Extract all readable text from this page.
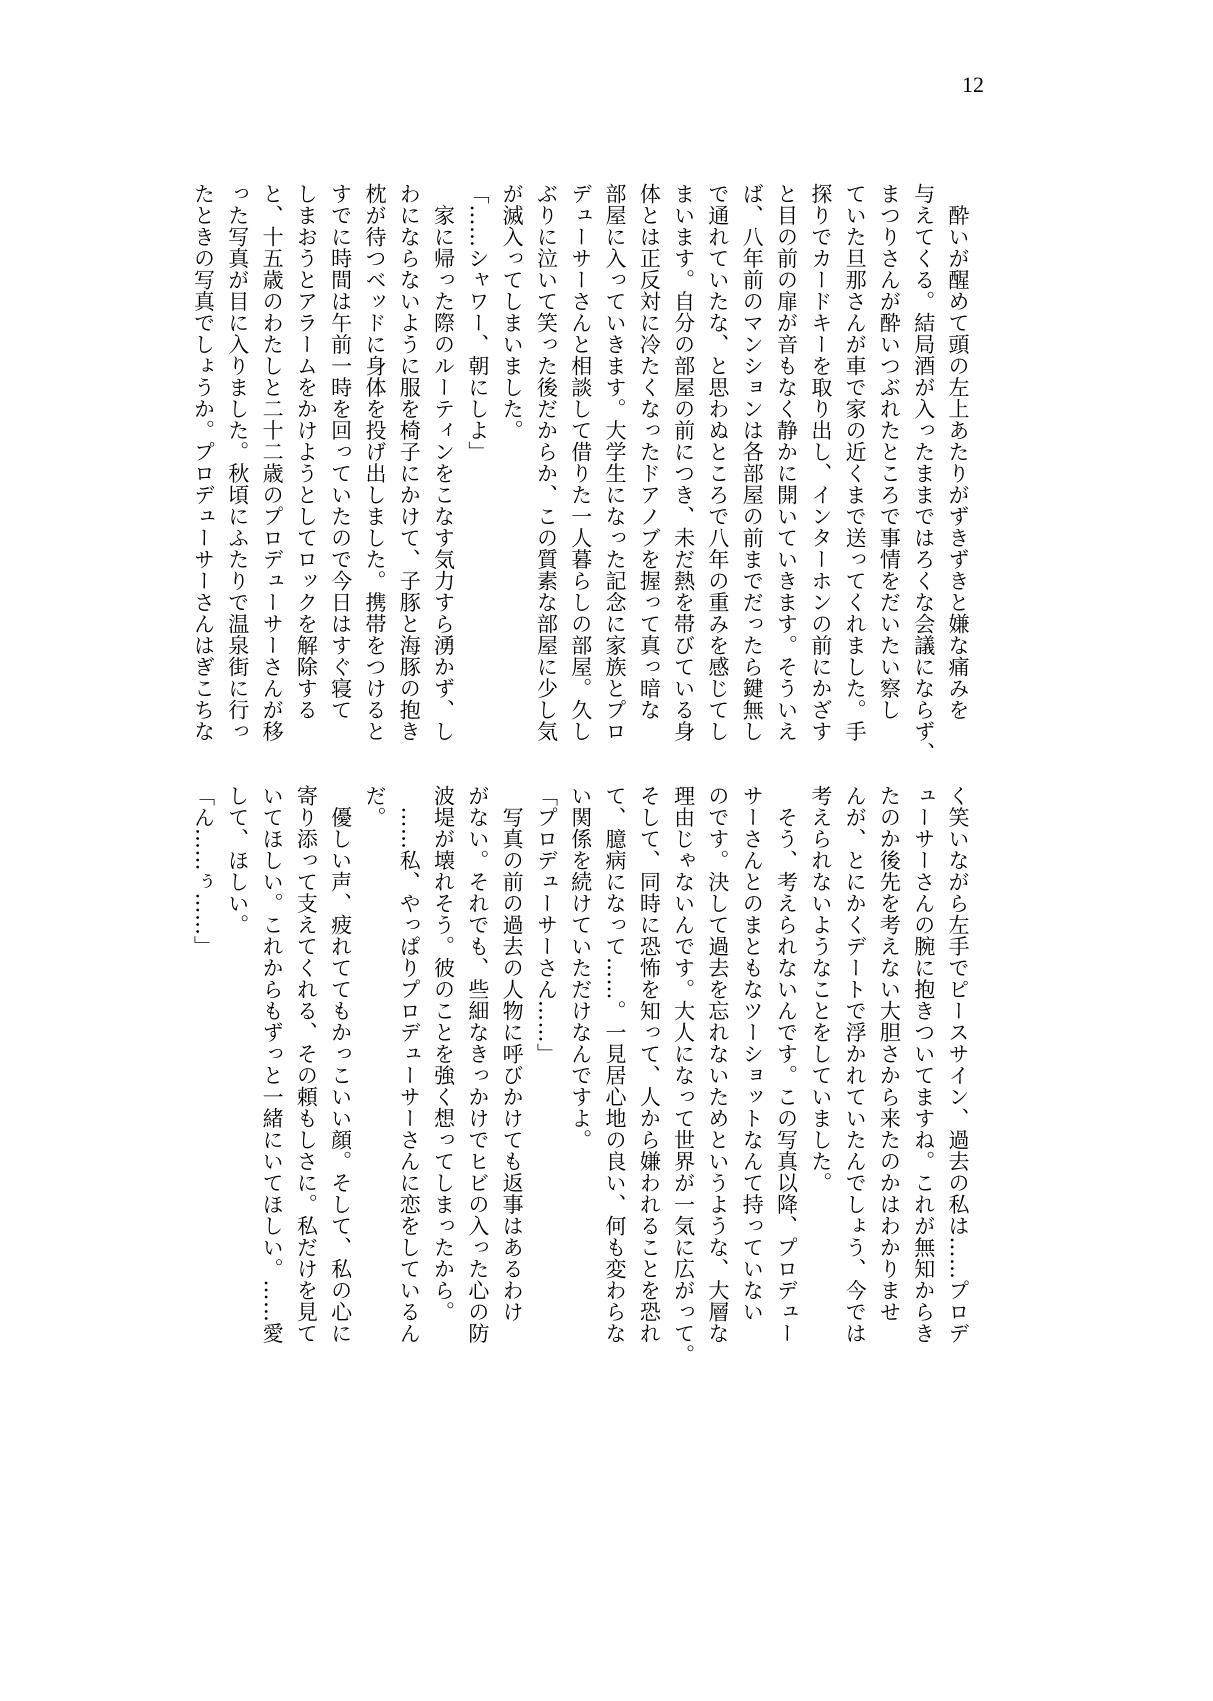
12
　酔いが醒めて頭の左上あたりがずきずきと嫌な痛みを
与えてくる。結局酒が入ったままではろくな会議にならず、
まつりさんが酔いつぶれたところで事情をだいたい察し
ていた旦那さんが車で家の近くまで送ってくれました。手
探りでカードキーを取り出し、インターホンの前にかざす
と目の前の扉が音もなく静かに開いていきます。そういえ
ば、八年前のマンションは各部屋の前までだったら鍵無し
で通れていたな、と思わぬところで八年の重みを感じてし
まいます。自分の部屋の前につき、未だ熱を帯びている身
体とは正反対に冷たくなったドアノブを握って真っ暗な
部屋に入っていきます。大学生になった記念に家族とプロ
デューサーさんと相談して借りた一人暮らしの部屋。久し
ぶりに泣いて笑った後だからか、この質素な部屋に少し気
が滅入ってしまいました。
「……シャワー、朝にしよ」
　家に帰った際のルーティンをこなす気力すら湧かず、し
わにならないように服を椅子にかけて、子豚と海豚の抱き
枕が待つベッドに身体を投げ出しました。携帯をつけると
すでに時間は午前一時を回っていたので今日はすぐ寝て
しまおうとアラームをかけようとしてロックを解除する
と、十五歳のわたしと二十二歳のプロデューサーさんが移
った写真が目に入りました。秋頃にふたりで温泉街に行っ
たときの写真でしょうか。プロデューサーさんはぎこちな
く笑いながら左手でピースサイン、過去の私は……プロデ
ューサーさんの腕に抱きついてますね。これが無知からき
たのか後先を考えない大胆さから来たのかはわかりませ
んが、とにかくデートで浮かれていたんでしょう、今では
考えられないようなことをしていました。
　そう、考えられないんです。この写真以降、プロデュー
サーさんとのまともなツーショットなんて持っていない
のです。決して過去を忘れないためというような、大層な
理由じゃないんです。大人になって世界が一気に広がって。
そして、同時に恐怖を知って、人から嫌われることを恐れ
て、臆病になって……。一見居心地の良い、何も変わらな
い関係を続けていただけなんですよ。
「プロデューサーさん……」
　写真の前の過去の人物に呼びかけても返事はあるわけ
がない。それでも、些細なきっかけでヒビの入った心の防
波堤が壊れそう。彼のことを強く想ってしまったから。
　……私、やっぱりプロデューサーさんに恋をしているん
だ。
　優しい声、疲れててもかっこいい顔。そして、私の心に
寄り添って支えてくれる、その頼もしさに。私だけを見て
いてほしい。これからもずっと一緒にいてほしい。……愛
して、ほしい。
「ん……ぅ……」
